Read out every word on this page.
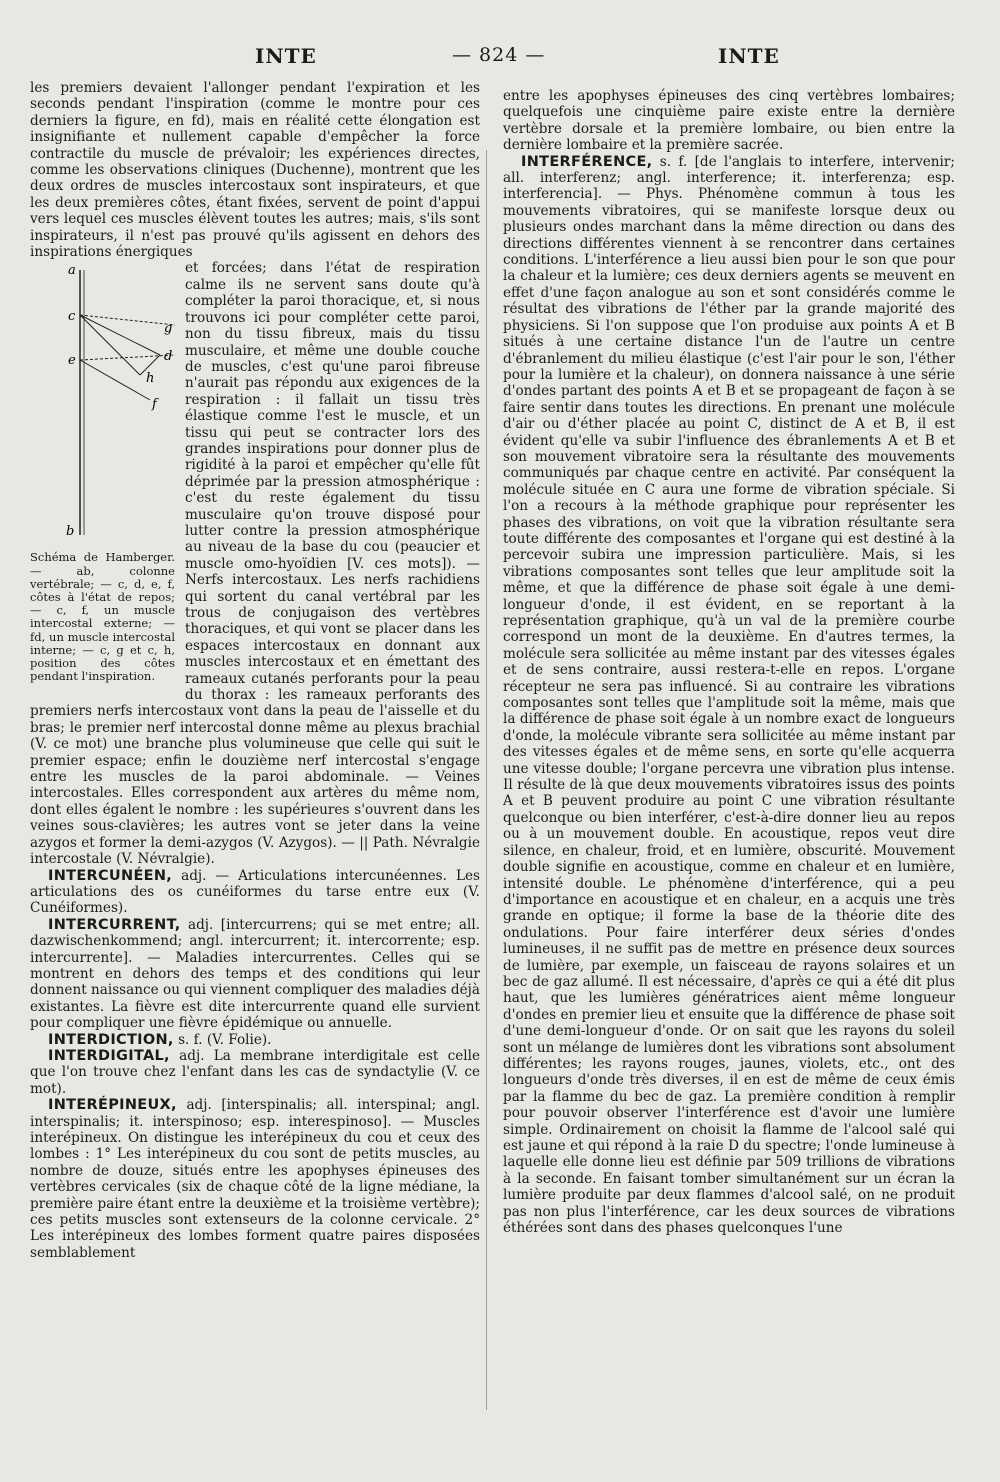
INTE	— 824 —	INTE

les premiers devaient l'allonger pendant l'expiration et les seconds pendant l'inspiration (comme le montre pour ces derniers la figure, en fd), mais en réalité cette élongation est insignifiante et nullement capable d'empêcher la force contractile du muscle de prévaloir; les expériences directes, comme les observations cliniques (Duchenne), montrent que les deux ordres de muscles intercostaux sont inspirateurs, et que les deux premières côtes, étant fixées, servent de point d'appui vers lequel ces muscles élèvent toutes les autres; mais, s'ils sont inspirateurs, il n'est pas prouvé qu'ils agissent en dehors des inspirations énergiques

a
c
e
g
d
h
f
b
Schéma de Hamberger. — ab, colonne vertébrale; — c, d, e, f, côtes à l'état de repos; — c, f, un muscle intercostal externe; — fd, un muscle intercostal interne; — c, g et c, h, position des côtes pendant l'inspiration.

et forcées; dans l'état de respiration calme ils ne servent sans doute qu'à compléter la paroi thoracique, et, si nous trouvons ici pour compléter cette paroi, non du tissu fibreux, mais du tissu musculaire, et même une double couche de muscles, c'est qu'une paroi fibreuse n'aurait pas répondu aux exigences de la respiration : il fallait un tissu très élastique comme l'est le muscle, et un tissu qui peut se contracter lors des grandes inspirations pour donner plus de rigidité à la paroi et empêcher qu'elle fût déprimée par la pression atmosphérique : c'est du reste également du tissu musculaire qu'on trouve disposé pour lutter contre la pression atmosphérique au niveau de la base du cou (peaucier et muscle omo-hyoïdien [V. ces mots]). — Nerfs intercostaux. Les nerfs rachidiens qui sortent du canal vertébral par les trous de conjugaison des vertèbres thoraciques, et qui vont se placer dans les espaces intercostaux en donnant aux muscles intercostaux et en émettant des rameaux cutanés perforants pour la peau du thorax : les rameaux perforants des premiers nerfs intercostaux vont dans la peau de l'aisselle et du bras; le premier nerf intercostal donne même au plexus brachial (V. ce mot) une branche plus volumineuse que celle qui suit le premier espace; enfin le douzième nerf intercostal s'engage entre les muscles de la paroi abdominale. — Veines intercostales. Elles correspondent aux artères du même nom, dont elles égalent le nombre : les supérieures s'ouvrent dans les veines sous-clavières; les autres vont se jeter dans la veine azygos et former la demi-azygos (V. Azygos). — || Path. Névralgie intercostale (V. Névralgie).

INTERCUNÉEN, adj. — Articulations intercunéennes. Les articulations des os cunéiformes du tarse entre eux (V. Cunéiformes).

INTERCURRENT, adj. [intercurrens; qui se met entre; all. dazwischenkommend; angl. intercurrent; it. intercorrente; esp. intercurrente]. — Maladies intercurrentes. Celles qui se montrent en dehors des temps et des conditions qui leur donnent naissance ou qui viennent compliquer des maladies déjà existantes. La fièvre est dite intercurrente quand elle survient pour compliquer une fièvre épidémique ou annuelle.

INTERDICTION, s. f. (V. Folie).

INTERDIGITAL, adj. La membrane interdigitale est celle que l'on trouve chez l'enfant dans les cas de syndactylie (V. ce mot).

INTERÉPINEUX, adj. [interspinalis; all. interspinal; angl. interspinalis; it. interspinoso; esp. interespinoso]. — Muscles interépineux. On distingue les interépineux du cou et ceux des lombes : 1° Les interépineux du cou sont de petits muscles, au nombre de douze, situés entre les apophyses épineuses des vertèbres cervicales (six de chaque côté de la ligne médiane, la première paire étant entre la deuxième et la troisième vertèbre); ces petits muscles sont extenseurs de la colonne cervicale. 2° Les interépineux des lombes forment quatre paires disposées semblablement

entre les apophyses épineuses des cinq vertèbres lombaires; quelquefois une cinquième paire existe entre la dernière vertèbre dorsale et la première lombaire, ou bien entre la dernière lombaire et la première sacrée.

INTERFÉRENCE, s. f. [de l'anglais to interfere, intervenir; all. interferenz; angl. interference; it. interferenza; esp. interferencia]. — Phys. Phénomène commun à tous les mouvements vibratoires, qui se manifeste lorsque deux ou plusieurs ondes marchant dans la même direction ou dans des directions différentes viennent à se rencontrer dans certaines conditions. L'interférence a lieu aussi bien pour le son que pour la chaleur et la lumière; ces deux derniers agents se meuvent en effet d'une façon analogue au son et sont considérés comme le résultat des vibrations de l'éther par la grande majorité des physiciens. Si l'on suppose que l'on produise aux points A et B situés à une certaine distance l'un de l'autre un centre d'ébranlement du milieu élastique (c'est l'air pour le son, l'éther pour la lumière et la chaleur), on donnera naissance à une série d'ondes partant des points A et B et se propageant de façon à se faire sentir dans toutes les directions. En prenant une molécule d'air ou d'éther placée au point C, distinct de A et B, il est évident qu'elle va subir l'influence des ébranlements A et B et son mouvement vibratoire sera la résultante des mouvements communiqués par chaque centre en activité. Par conséquent la molécule située en C aura une forme de vibration spéciale. Si l'on a recours à la méthode graphique pour représenter les phases des vibrations, on voit que la vibration résultante sera toute différente des composantes et l'organe qui est destiné à la percevoir subira une impression particulière. Mais, si les vibrations composantes sont telles que leur amplitude soit la même, et que la différence de phase soit égale à une demi-longueur d'onde, il est évident, en se reportant à la représentation graphique, qu'à un val de la première courbe correspond un mont de la deuxième. En d'autres termes, la molécule sera sollicitée au même instant par des vitesses égales et de sens contraire, aussi restera-t-elle en repos. L'organe récepteur ne sera pas influencé. Si au contraire les vibrations composantes sont telles que l'amplitude soit la même, mais que la différence de phase soit égale à un nombre exact de longueurs d'onde, la molécule vibrante sera sollicitée au même instant par des vitesses égales et de même sens, en sorte qu'elle acquerra une vitesse double; l'organe percevra une vibration plus intense. Il résulte de là que deux mouvements vibratoires issus des points A et B peuvent produire au point C une vibration résultante quelconque ou bien interférer, c'est-à-dire donner lieu au repos ou à un mouvement double. En acoustique, repos veut dire silence, en chaleur, froid, et en lumière, obscurité. Mouvement double signifie en acoustique, comme en chaleur et en lumière, intensité double. Le phénomène d'interférence, qui a peu d'importance en acoustique et en chaleur, en a acquis une très grande en optique; il forme la base de la théorie dite des ondulations. Pour faire interférer deux séries d'ondes lumineuses, il ne suffit pas de mettre en présence deux sources de lumière, par exemple, un faisceau de rayons solaires et un bec de gaz allumé. Il est nécessaire, d'après ce qui a été dit plus haut, que les lumières génératrices aient même longueur d'ondes en premier lieu et ensuite que la différence de phase soit d'une demi-longueur d'onde. Or on sait que les rayons du soleil sont un mélange de lumières dont les vibrations sont absolument différentes; les rayons rouges, jaunes, violets, etc., ont des longueurs d'onde très diverses, il en est de même de ceux émis par la flamme du bec de gaz. La première condition à remplir pour pouvoir observer l'interférence est d'avoir une lumière simple. Ordinairement on choisit la flamme de l'alcool salé qui est jaune et qui répond à la raie D du spectre; l'onde lumineuse à laquelle elle donne lieu est définie par 509 trillions de vibrations à la seconde. En faisant tomber simultanément sur un écran la lumière produite par deux flammes d'alcool salé, on ne produit pas non plus l'interférence, car les deux sources de vibrations éthérées sont dans des phases quelconques l'une
